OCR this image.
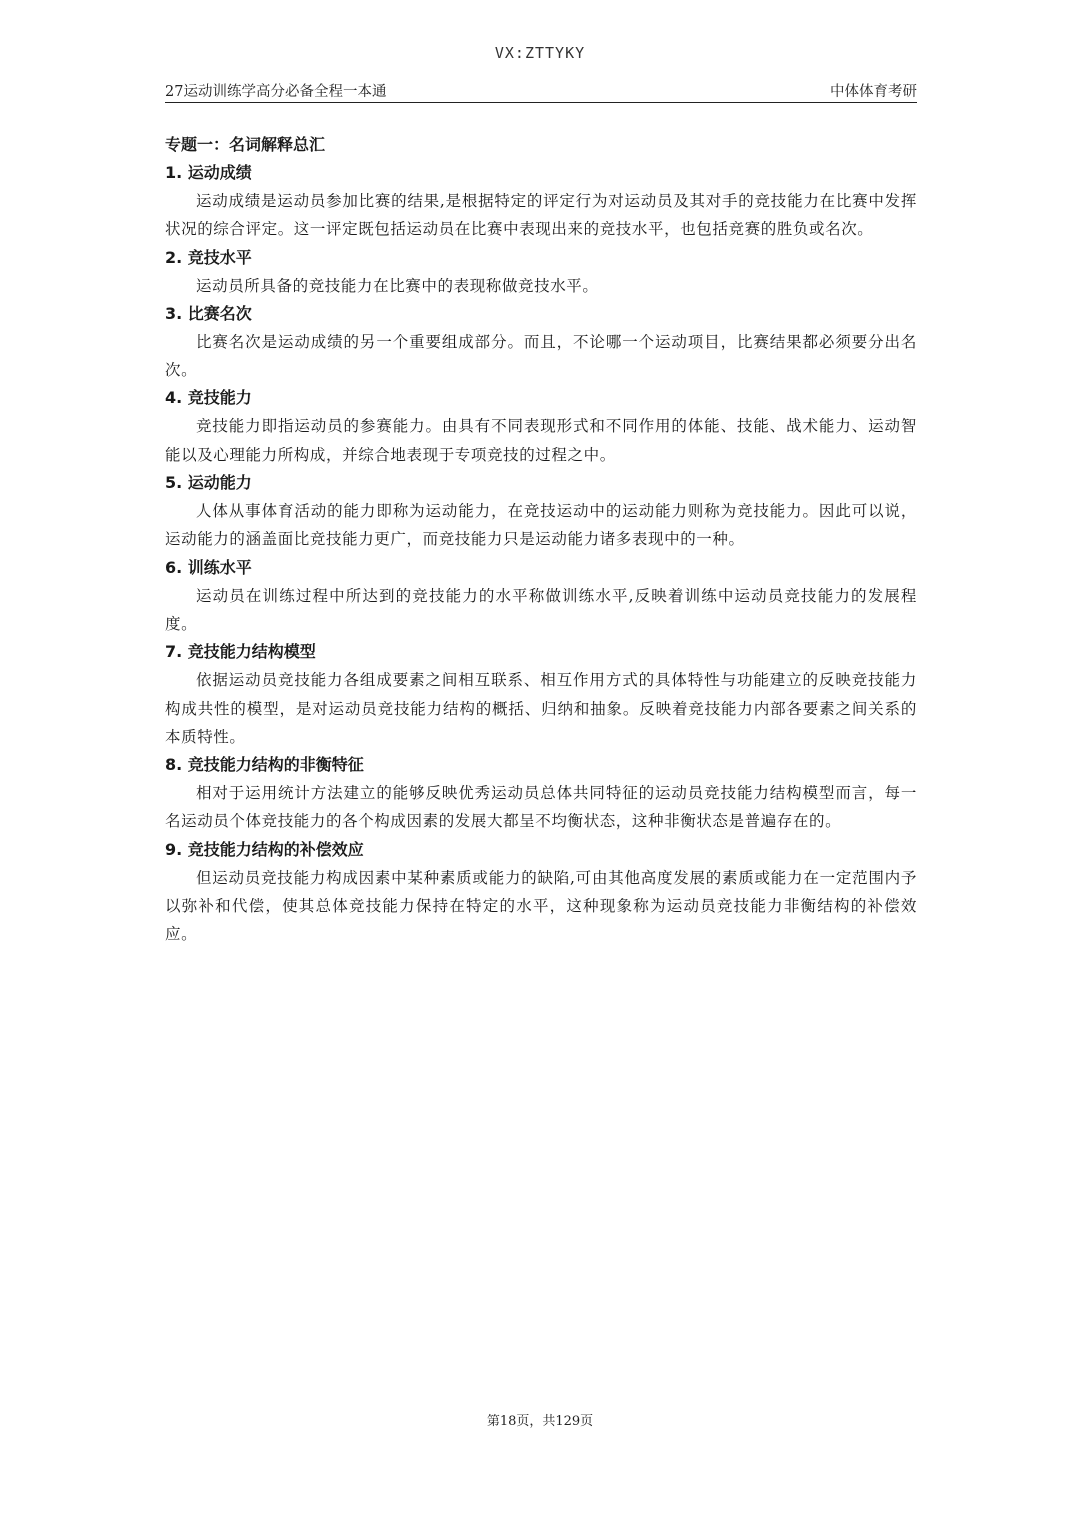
VX:ZTTYKY
27运动训练学高分必备全程一本通	中体体育考研
专题一：名词解释总汇
1. 运动成绩

运动成绩是运动员参加比赛的结果,是根据特定的评定行为对运动员及其对手的竞技能力在比赛中发挥状况的综合评定。这一评定既包括运动员在比赛中表现出来的竞技水平，也包括竞赛的胜负或名次。

2. 竞技水平

运动员所具备的竞技能力在比赛中的表现称做竞技水平。

3. 比赛名次

比赛名次是运动成绩的另一个重要组成部分。而且，不论哪一个运动项目，比赛结果都必须要分出名次。

4. 竞技能力

竞技能力即指运动员的参赛能力。由具有不同表现形式和不同作用的体能、技能、战术能力、运动智能以及心理能力所构成，并综合地表现于专项竞技的过程之中。

5. 运动能力

人体从事体育活动的能力即称为运动能力，在竞技运动中的运动能力则称为竞技能力。因此可以说，运动能力的涵盖面比竞技能力更广，而竞技能力只是运动能力诸多表现中的一种。

6. 训练水平

运动员在训练过程中所达到的竞技能力的水平称做训练水平,反映着训练中运动员竞技能力的发展程度。

7. 竞技能力结构模型

依据运动员竞技能力各组成要素之间相互联系、相互作用方式的具体特性与功能建立的反映竞技能力构成共性的模型，是对运动员竞技能力结构的概括、归纳和抽象。反映着竞技能力内部各要素之间关系的本质特性。

8. 竞技能力结构的非衡特征

相对于运用统计方法建立的能够反映优秀运动员总体共同特征的运动员竞技能力结构模型而言，每一名运动员个体竞技能力的各个构成因素的发展大都呈不均衡状态，这种非衡状态是普遍存在的。

9. 竞技能力结构的补偿效应

但运动员竞技能力构成因素中某种素质或能力的缺陷,可由其他高度发展的素质或能力在一定范围内予以弥补和代偿，使其总体竞技能力保持在特定的水平，这种现象称为运动员竞技能力非衡结构的补偿效应。

第18页，共129页
